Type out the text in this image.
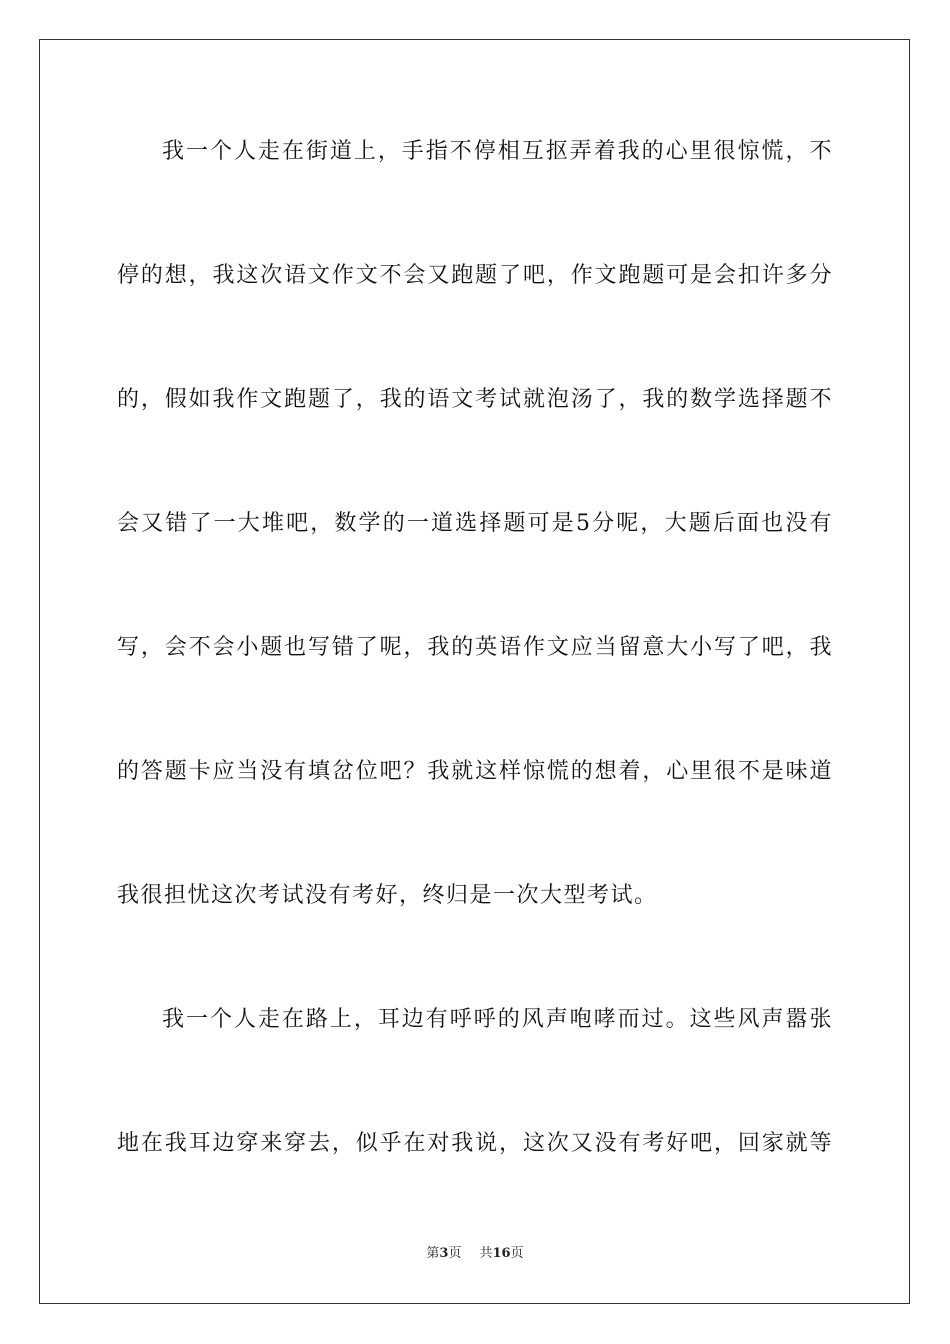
我一个人走在街道上，手指不停相互抠弄着我的心里很惊慌，不
停的想，我这次语文作文不会又跑题了吧，作文跑题可是会扣许多分
的，假如我作文跑题了，我的语文考试就泡汤了，我的数学选择题不
会又错了一大堆吧，数学的一道选择题可是5分呢，大题后面也没有
写，会不会小题也写错了呢，我的英语作文应当留意大小写了吧，我
的答题卡应当没有填岔位吧？我就这样惊慌的想着，心里很不是味道
我很担忧这次考试没有考好，终归是一次大型考试。
我一个人走在路上，耳边有呼呼的风声咆哮而过。这些风声嚣张
地在我耳边穿来穿去，似乎在对我说，这次又没有考好吧，回家就等
第3页 共16页
